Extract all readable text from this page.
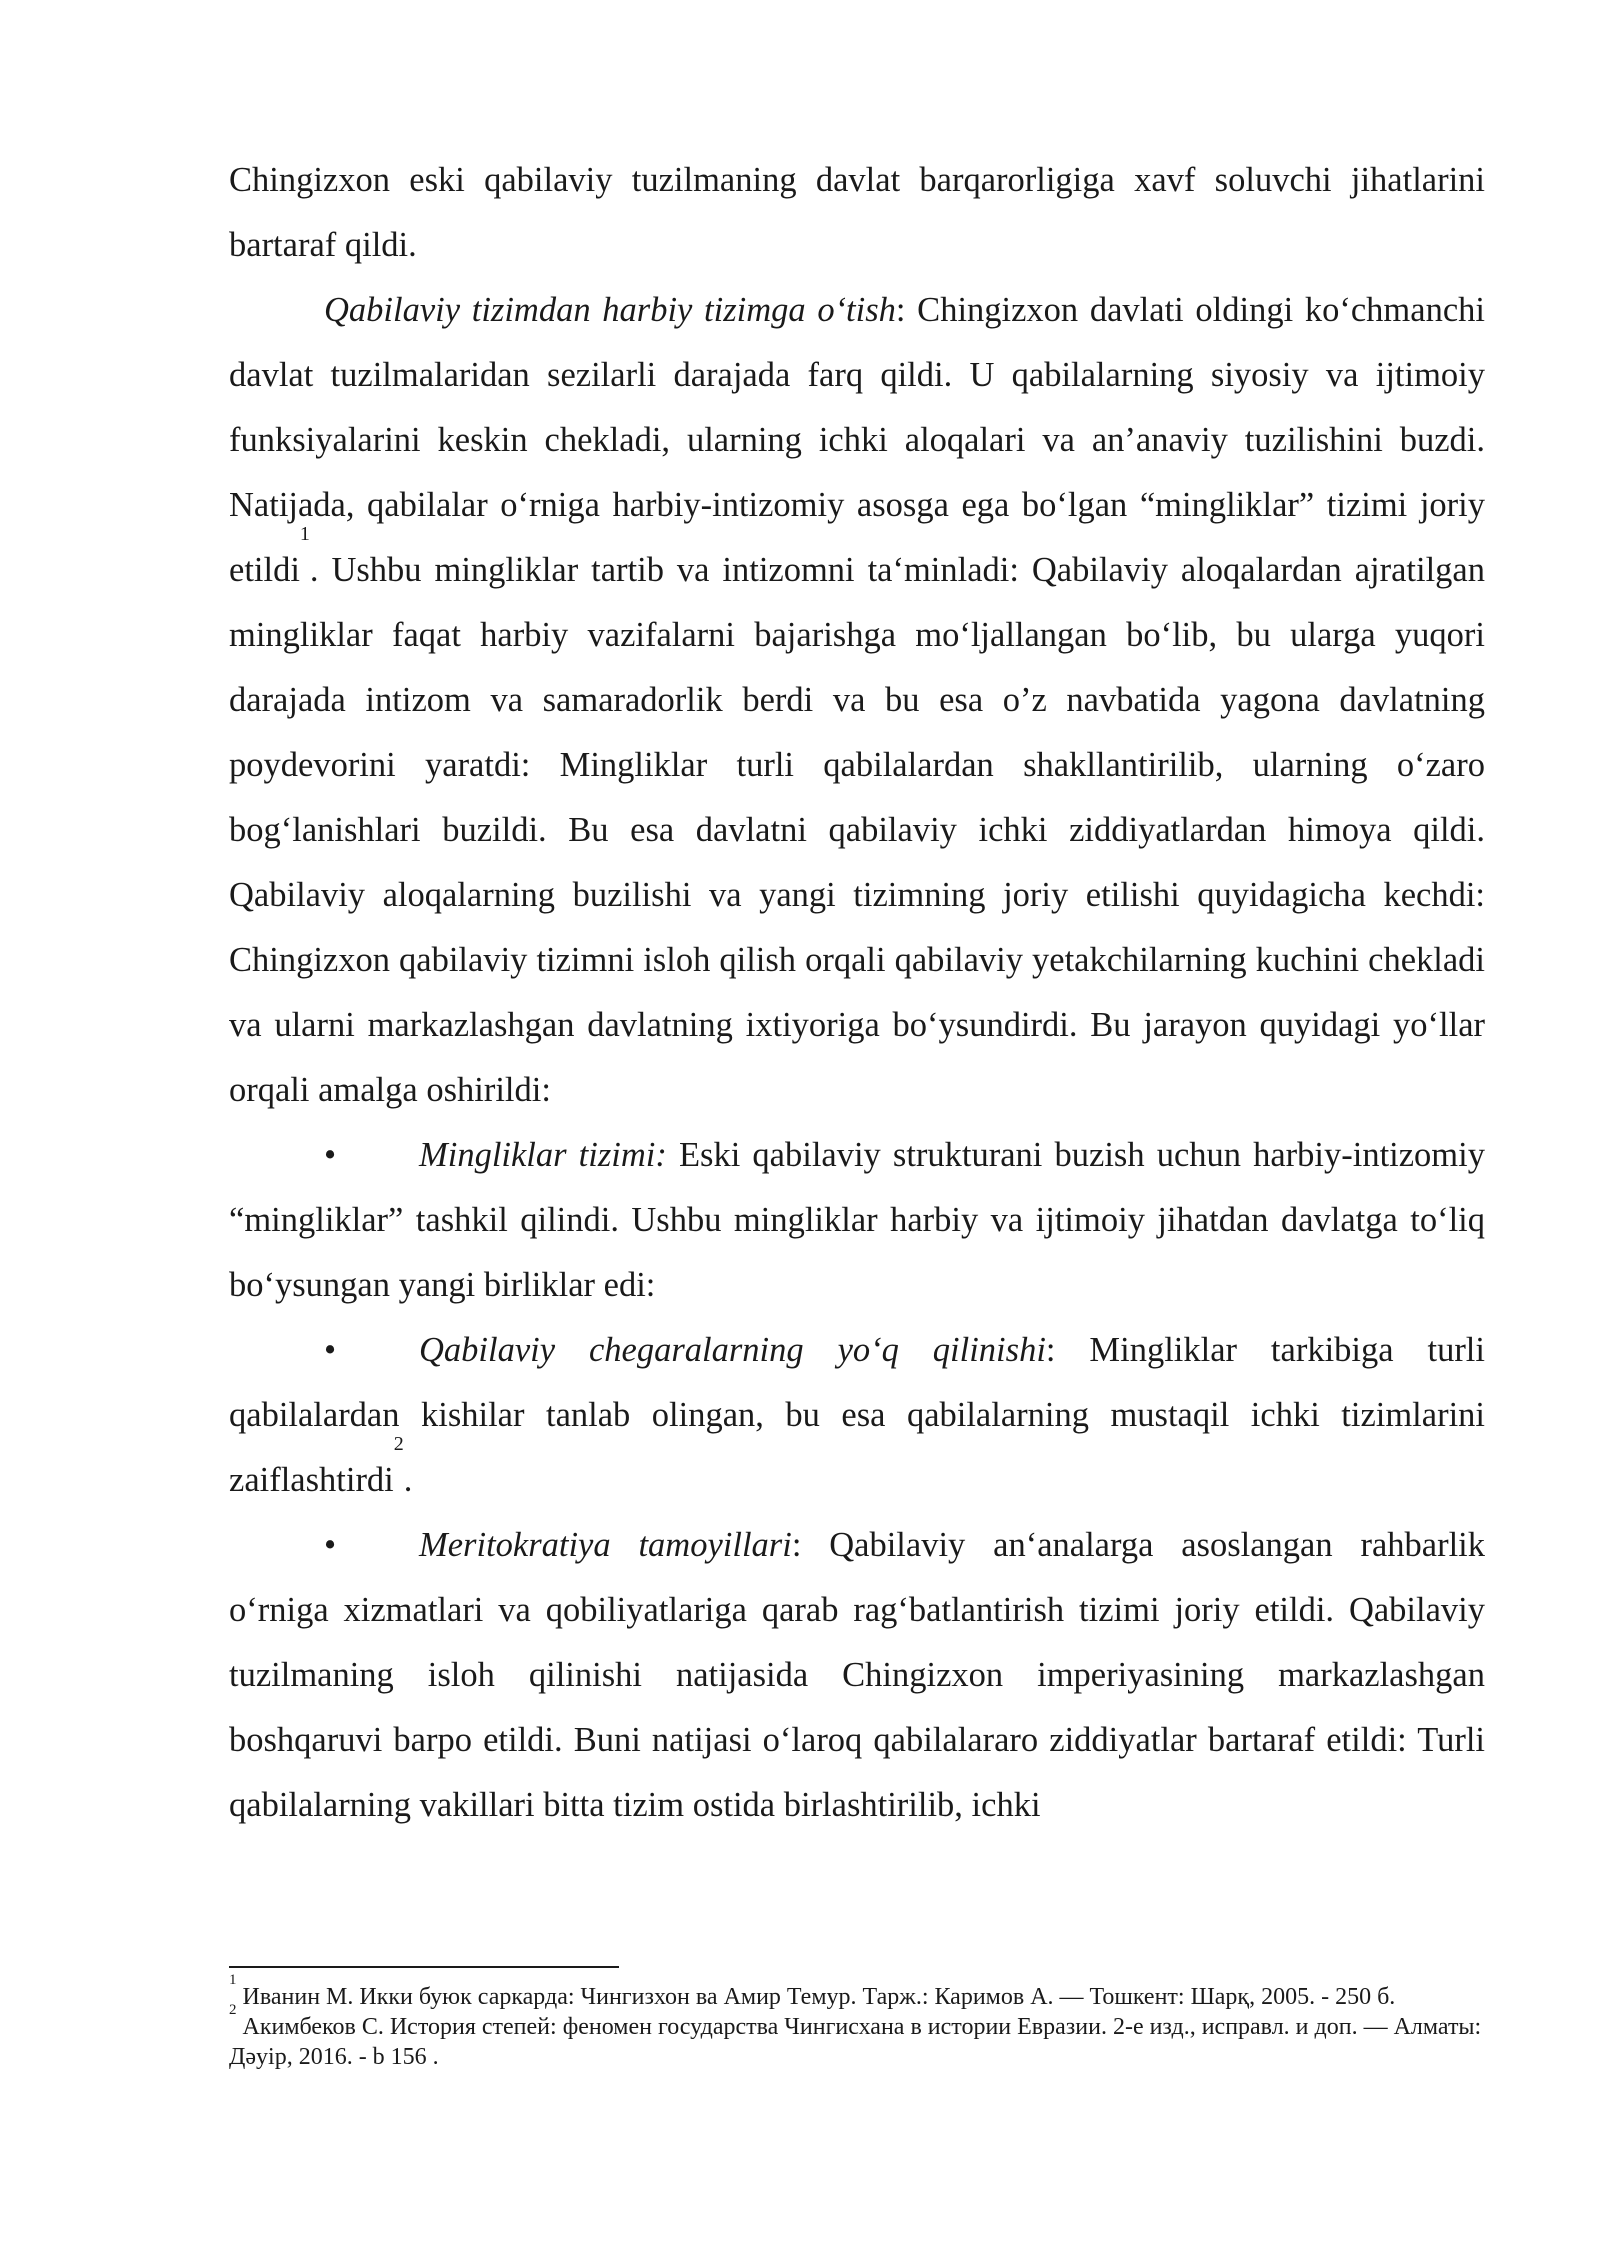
Chingizxon eski qabilaviy tuzilmaning davlat barqarorligiga xavf soluvchi jihatlarini bartaraf qildi.

Qabilaviy tizimdan harbiy tizimga o‘tish: Chingizxon davlati oldingi ko‘chmanchi davlat tuzilmalaridan sezilarli darajada farq qildi. U qabilalarning siyosiy va ijtimoiy funksiyalarini keskin chekladi, ularning ichki aloqalari va an’anaviy tuzilishini buzdi. Natijada, qabilalar o‘rniga harbiy-intizomiy asosga ega bo‘lgan “mingliklar” tizimi joriy etildi$^1$. Ushbu mingliklar tartib va intizomni ta‘minladi: Qabilaviy aloqalardan ajratilgan mingliklar faqat harbiy vazifalarni bajarishga mo‘ljallangan bo‘lib, bu ularga yuqori darajada intizom va samaradorlik berdi va bu esa o’z navbatida yagona davlatning poydevorini yaratdi: Mingliklar turli qabilalardan shakllantirilib, ularning o‘zaro bog‘lanishlari buzildi. Bu esa davlatni qabilaviy ichki ziddiyatlardan himoya qildi. Qabilaviy aloqalarning buzilishi va yangi tizimning joriy etilishi quyidagicha kechdi: Chingizxon qabilaviy tizimni isloh qilish orqali qabilaviy yetakchilarning kuchini chekladi va ularni markazlashgan davlatning ixtiyoriga bo‘ysundirdi. Bu jarayon quyidagi yo‘llar orqali amalga oshirildi:

• Mingliklar tizimi: Eski qabilaviy strukturani buzish uchun harbiy-intizomiy “mingliklar” tashkil qilindi. Ushbu mingliklar harbiy va ijtimoiy jihatdan davlatga to‘liq bo‘ysungan yangi birliklar edi:

• Qabilaviy chegaralarning yo‘q qilinishi: Mingliklar tarkibiga turli qabilalardan kishilar tanlab olingan, bu esa qabilalarning mustaqil ichki tizimlarini zaiflashtirdi$^2$.

• Meritokratiya tamoyillari: Qabilaviy an‘analarga asoslangan rahbarlik o‘rniga xizmatlari va qobiliyatlariga qarab rag‘batlantirish tizimi joriy etildi. Qabilaviy tuzilmaning isloh qilinishi natijasida Chingizxon imperiyasining markazlashgan boshqaruvi barpo etildi. Buni natijasi o‘laroq qabilalararo ziddiyatlar bartaraf etildi: Turli qabilalarning vakillari bitta tizim ostida birlashtirilib, ichki

$^1$ Иванин М. Икки буюк саркарда: Чингизхон ва Амир Темур. Тарж.: Каримов А. — Тошкент: Шарқ, 2005. - 250 б.

$^2$ Акимбеков С. История степей: феномен государства Чингисхана в истории Евразии. 2-е изд., исправл. и доп. — Алматы: Дәуір, 2016. - b 156 .
